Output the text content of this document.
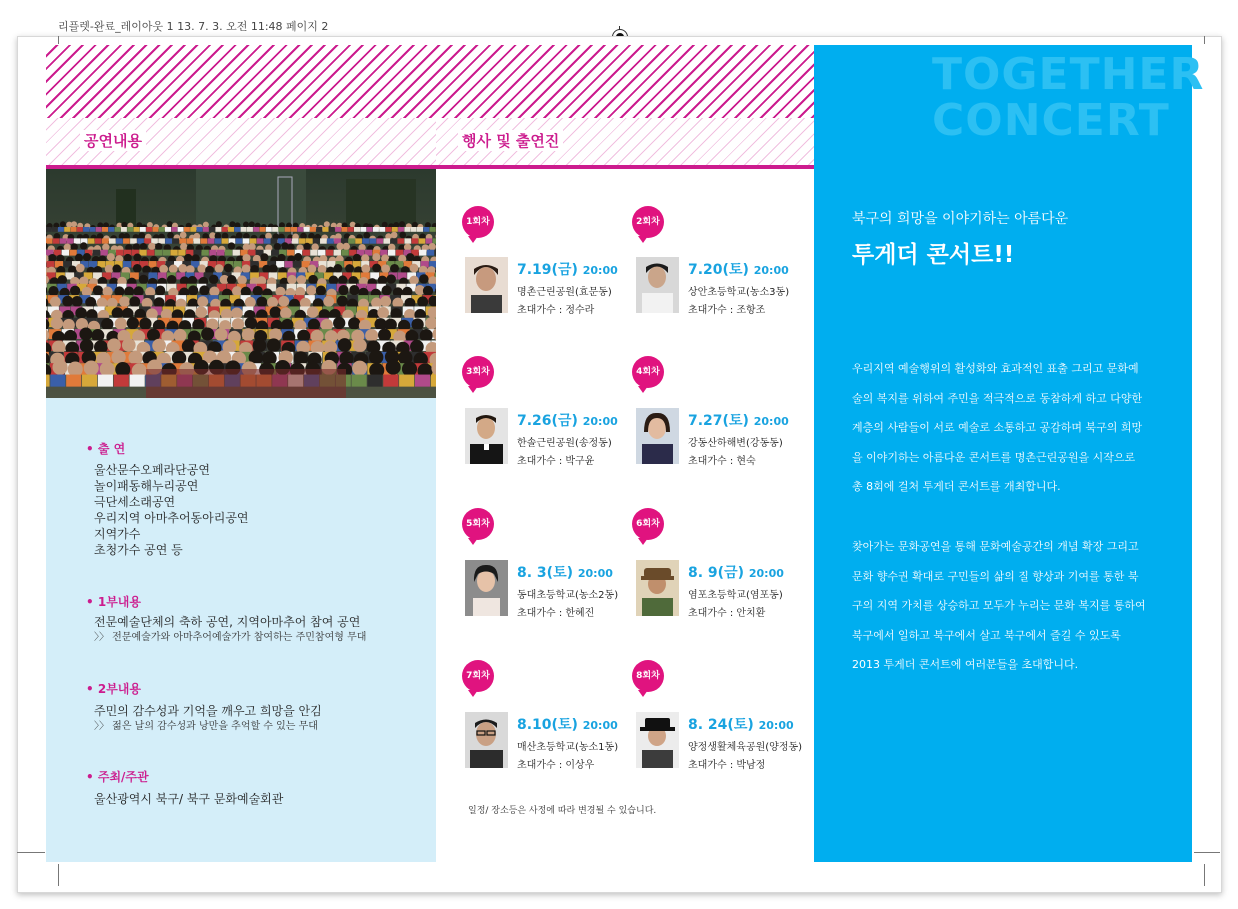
리플렛-완료_레이아웃 1 13. 7. 3. 오전 11:48 페이지 2
공연내용	행사 및 출연진
• 출 연
울산문수오페라단공연
놀이패동해누리공연
극단세소래공연
우리지역 아마추어동아리공연
지역가수
초청가수 공연 등
• 1부내용
전문예술단체의 축하 공연, 지역아마추어 참여 공연
〉〉 전문예술가와 아마추어예술가가 참여하는 주민참여형 무대
• 2부내용
주민의 감수성과 기억을 깨우고 희망을 안김
〉〉 젊은 날의 감수성과 낭만을 추억할 수 있는 무대
• 주최/주관
울산광역시 북구/ 북구 문화예술회관
1회차
7.19(금) 20:00
명촌근린공원(효문동)
초대가수 : 정수라
2회차
7.20(토) 20:00
상안초등학교(농소3동)
초대가수 : 조항조
3회차
7.26(금) 20:00
한솔근린공원(송정동)
초대가수 : 박구윤
4회차
7.27(토) 20:00
강동산하해변(강동동)
초대가수 : 현숙
5회차
8. 3(토) 20:00
동대초등학교(농소2동)
초대가수 : 한혜진
6회차
8. 9(금) 20:00
염포초등학교(염포동)
초대가수 : 안치환
7회차
8.10(토) 20:00
매산초등학교(농소1동)
초대가수 : 이상우
8회차
8. 24(토) 20:00
양정생활체육공원(양정동)
초대가수 : 박남정
일정/ 장소등은 사정에 따라 변경될 수 있습니다.
TOGETHER
CONCERT
북구의 희망을 이야기하는 아름다운
투게더 콘서트!!
우리지역 예술행위의 활성화와 효과적인 표출 그리고 문화예술의 복지를 위하여 주민을 적극적으로 동참하게 하고 다양한 계층의 사람들이 서로 예술로 소통하고 공감하며 북구의 희망을 이야기하는 아름다운 콘서트를 명촌근린공원을 시작으로 총 8회에 걸처 투게더 콘서트를 개최합니다.
찾아가는 문화공연을 통해 문화예술공간의 개념 확장 그리고 문화 향수권 확대로 구민들의 삶의 질 향상과 기여를 통한 북구의 지역 가치를 상승하고 모두가 누리는 문화 복지를 통하여 북구에서 일하고 북구에서 살고 북구에서 즐길 수 있도록 2013 투게더 콘서트에 여러분들을 초대합니다.
